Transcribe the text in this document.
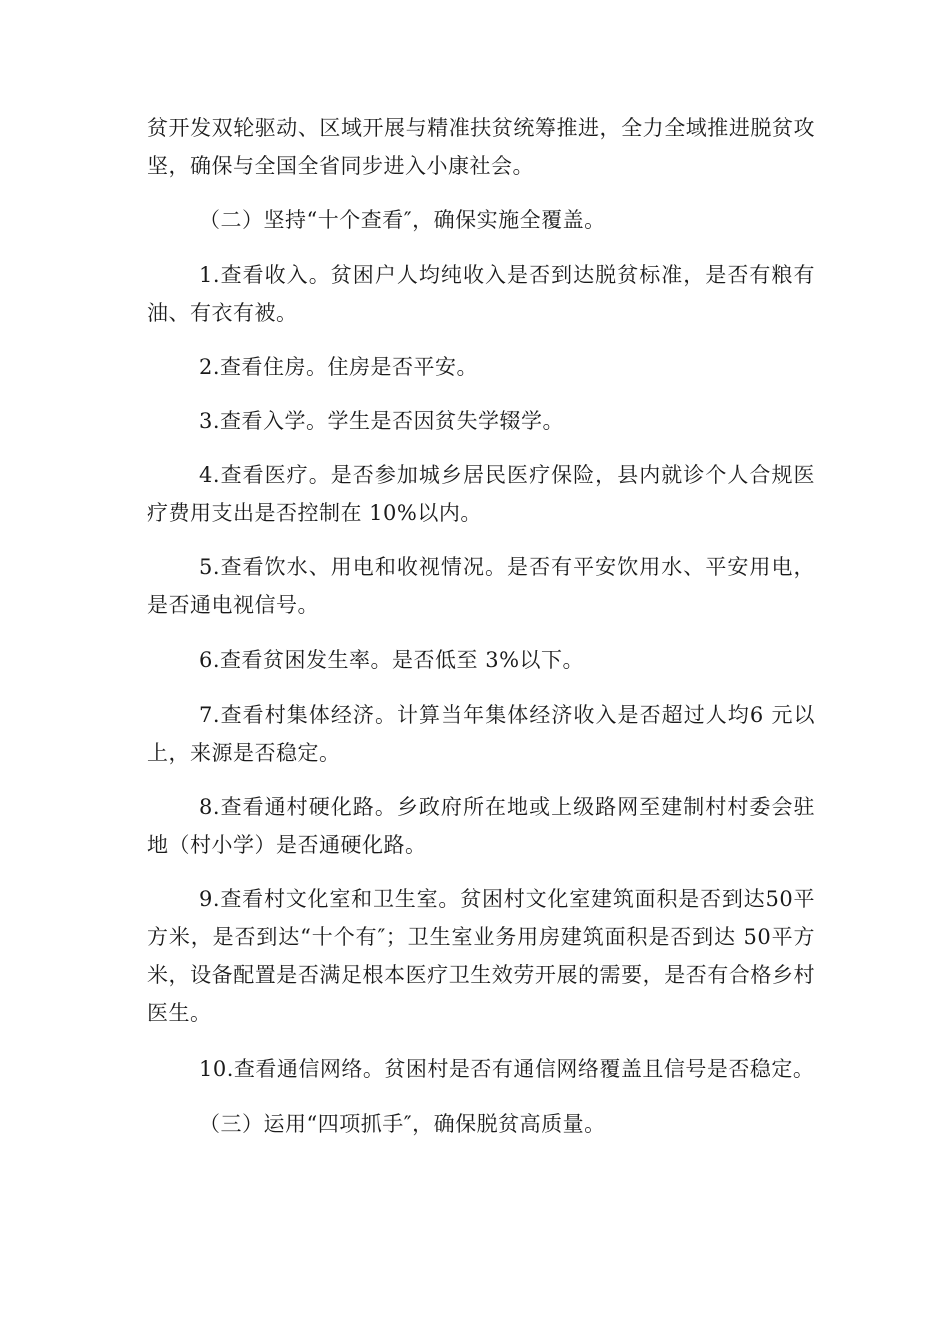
贫开发双轮驱动、区域开展与精准扶贫统筹推进，全力全域推进脱贫攻坚，确保与全国全省同步进入小康社会。

（二）坚持“十个查看″，确保实施全覆盖。

1.查看收入。贫困户人均纯收入是否到达脱贫标准，是否有粮有油、有衣有被。

2.查看住房。住房是否平安。

3.查看入学。学生是否因贫失学辍学。

4.查看医疗。是否参加城乡居民医疗保险，县内就诊个人合规医疗费用支出是否控制在 10%以内。

5.查看饮水、用电和收视情况。是否有平安饮用水、平安用电，是否通电视信号。

6.查看贫困发生率。是否低至 3%以下。

7.查看村集体经济。计算当年集体经济收入是否超过人均6 元以上，来源是否稳定。

8.查看通村硬化路。乡政府所在地或上级路网至建制村村委会驻地（村小学）是否通硬化路。

9.查看村文化室和卫生室。贫困村文化室建筑面积是否到达50平方米，是否到达“十个有″；卫生室业务用房建筑面积是否到达 50平方米，设备配置是否满足根本医疗卫生效劳开展的需要，是否有合格乡村医生。

10.查看通信网络。贫困村是否有通信网络覆盖且信号是否稳定。

（三）运用“四项抓手″，确保脱贫高质量。
